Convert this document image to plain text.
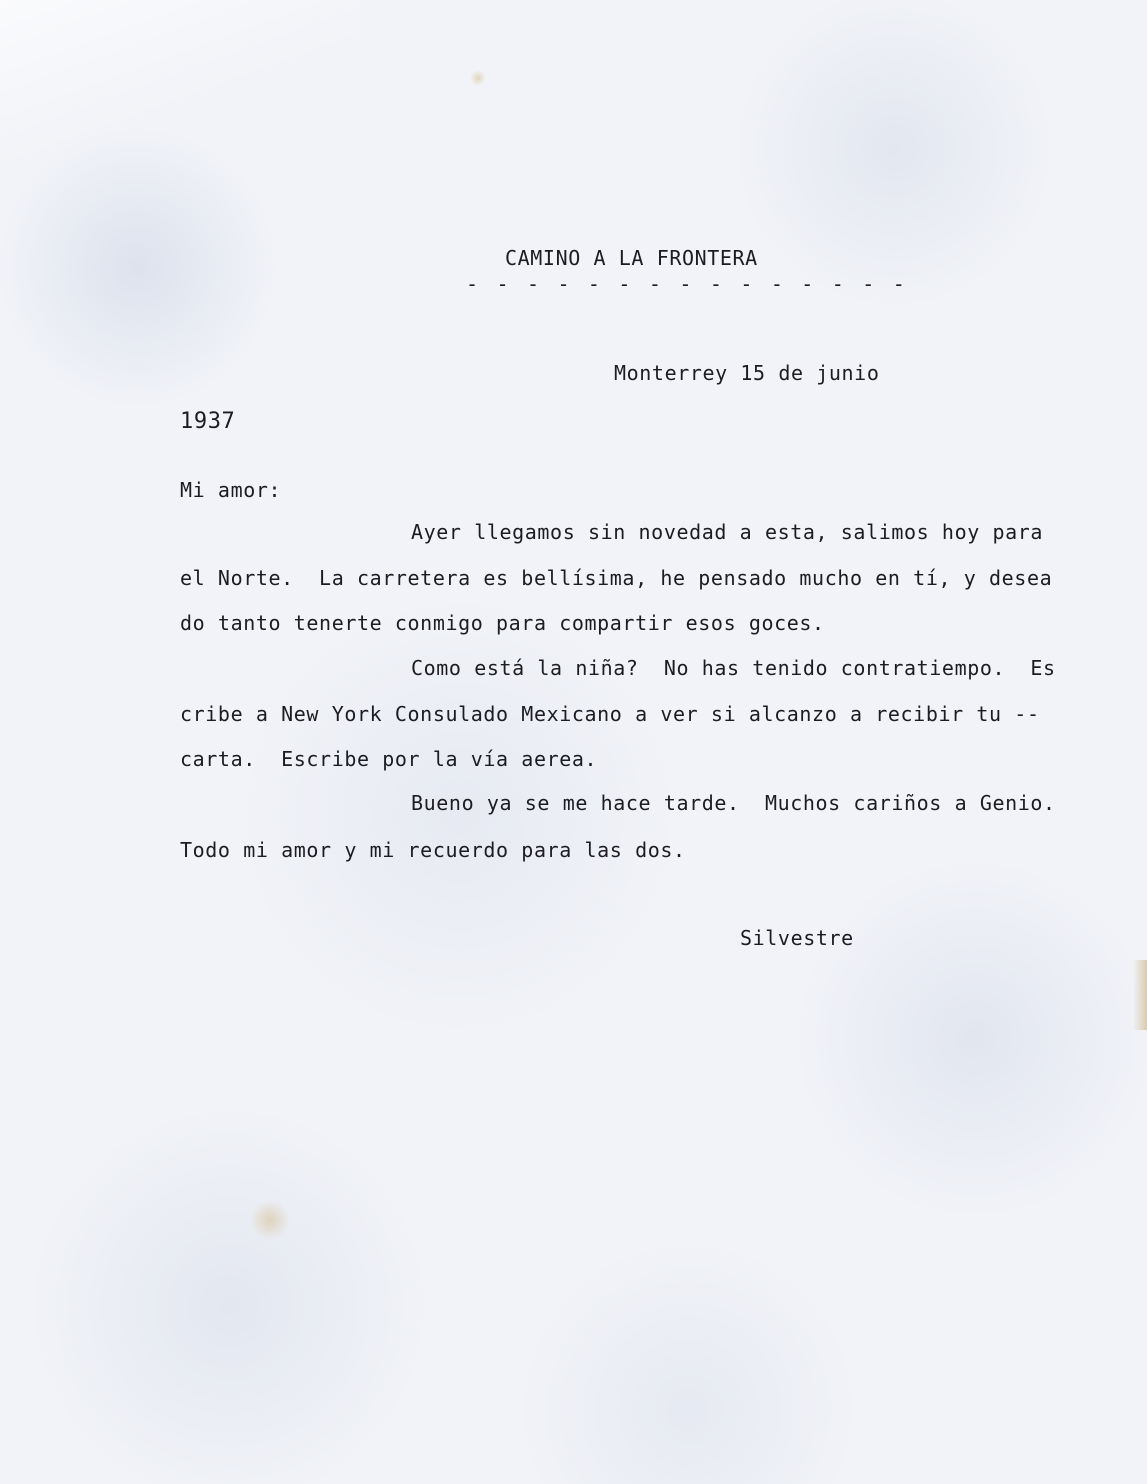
CAMINO A LA FRONTERA

- - - - - - - - - - - - - - -

Monterrey 15 de junio

1937

Mi amor:

Ayer llegamos sin novedad a esta, salimos hoy para

el Norte.  La carretera es bellísima, he pensado mucho en tí, y desea

do tanto tenerte conmigo para compartir esos goces.

Como está la niña?  No has tenido contratiempo.  Es

cribe a New York Consulado Mexicano a ver si alcanzo a recibir tu --

carta.  Escribe por la vía aerea.

Bueno ya se me hace tarde.  Muchos cariños a Genio.

Todo mi amor y mi recuerdo para las dos.

Silvestre
